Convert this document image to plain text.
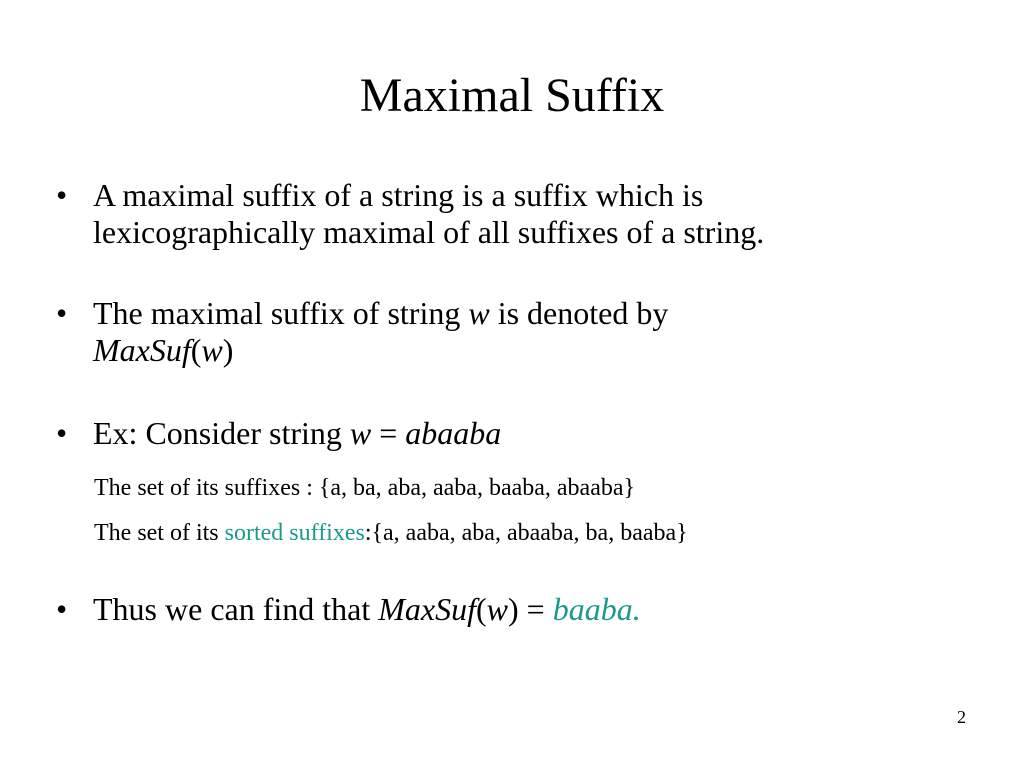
Maximal Suffix
• A maximal suffix of a string is a suffix which is
lexicographically maximal of all suffixes of a string.
• The maximal suffix of string w is denoted by
MaxSuf(w)
• Ex: Consider string w = abaaba
The set of its suffixes : {a, ba, aba, aaba, baaba, abaaba}
The set of its sorted suffixes:{a, aaba, aba, abaaba, ba, baaba}
• Thus we can find that MaxSuf(w) = baaba.
2
